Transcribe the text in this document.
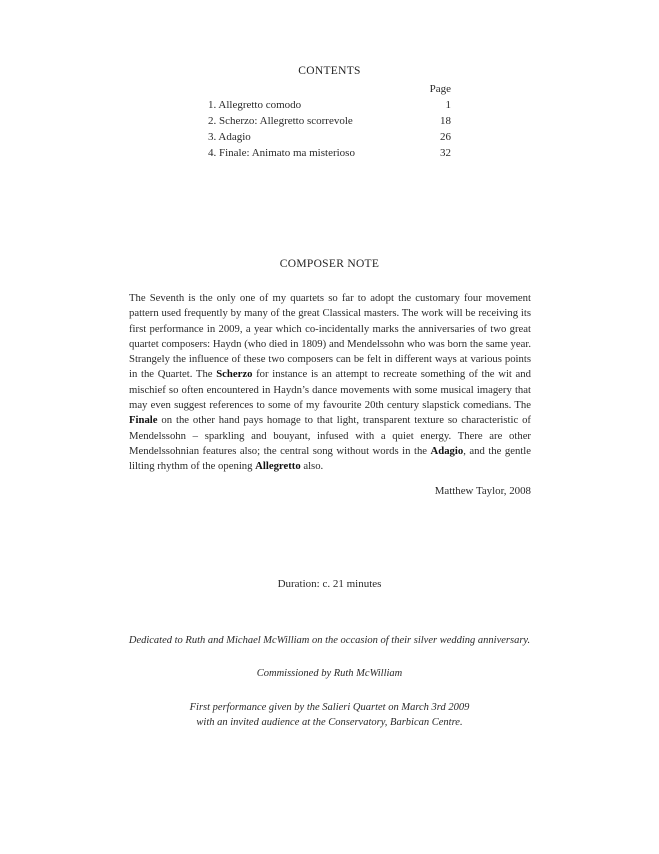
CONTENTS
Page
1. Allegretto comodo	1
2. Scherzo: Allegretto scorrevole	18
3. Adagio	26
4. Finale: Animato ma misterioso	32
COMPOSER NOTE
The Seventh is the only one of my quartets so far to adopt the customary four movement pattern used frequently by many of the great Classical masters. The work will be receiving its first performance in 2009, a year which co-incidentally marks the anniversaries of two great quartet composers: Haydn (who died in 1809) and Mendelssohn who was born the same year. Strangely the influence of these two composers can be felt in different ways at various points in the Quartet. The Scherzo for instance is an attempt to recreate something of the wit and mischief so often encountered in Haydn’s dance movements with some musical imagery that may even suggest references to some of my favourite 20th century slapstick comedians. The Finale on the other hand pays homage to that light, transparent texture so characteristic of Mendelssohn – sparkling and bouyant, infused with a quiet energy. There are other Mendelssohnian features also; the central song without words in the Adagio, and the gentle lilting rhythm of the opening Allegretto also.
Matthew Taylor, 2008
Duration: c. 21 minutes
Dedicated to Ruth and Michael McWilliam on the occasion of their silver wedding anniversary.
Commissioned by Ruth McWilliam
First performance given by the Salieri Quartet on March 3rd 2009
with an invited audience at the Conservatory, Barbican Centre.
